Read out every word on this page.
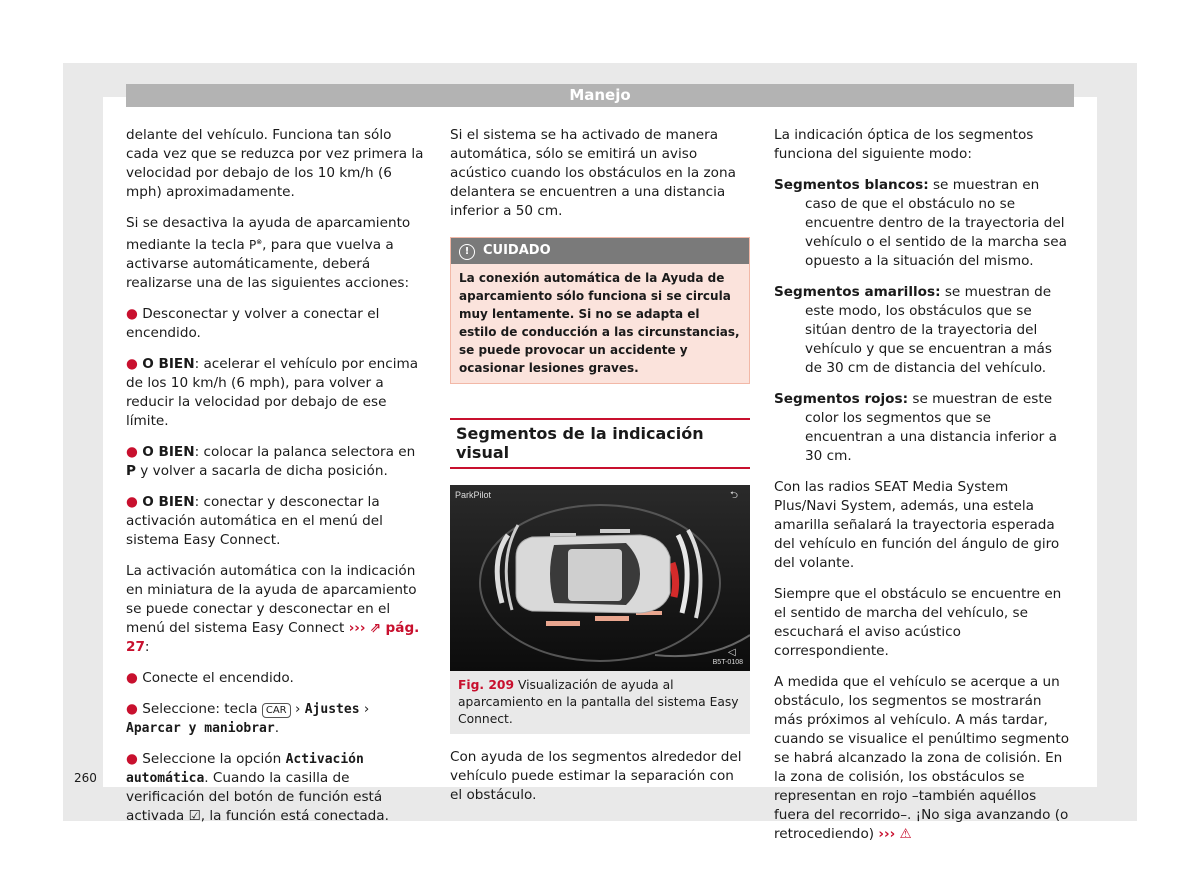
Manejo

delante del vehículo. Funciona tan sólo cada vez que se reduzca por vez primera la velocidad por debajo de los 10 km/h (6 mph) aproximadamente.

Si se desactiva la ayuda de aparcamiento mediante la tecla P⊗, para que vuelva a activarse automáticamente, deberá realizarse una de las siguientes acciones:

● Desconectar y volver a conectar el encendido.

● O BIEN: acelerar el vehículo por encima de los 10 km/h (6 mph), para volver a reducir la velocidad por debajo de ese límite.

● O BIEN: colocar la palanca selectora en P y volver a sacarla de dicha posición.

● O BIEN: conectar y desconectar la activación automática en el menú del sistema Easy Connect.

La activación automática con la indicación en miniatura de la ayuda de aparcamiento se puede conectar y desconectar en el menú del sistema Easy Connect ››› ⇗ pág. 27:

● Conecte el encendido.

● Seleccione: tecla CAR › Ajustes › Aparcar y maniobrar.

● Seleccione la opción Activación automática. Cuando la casilla de verificación del botón de función está activada ☑, la función está conectada.

Si el sistema se ha activado de manera automática, sólo se emitirá un aviso acústico cuando los obstáculos en la zona delantera se encuentren a una distancia inferior a 50 cm.

! CUIDADO
La conexión automática de la Ayuda de aparcamiento sólo funciona si se circula muy lentamente. Si no se adapta el estilo de conducción a las circunstancias, se puede provocar un accidente y ocasionar lesiones graves.
Segmentos de la indicación visual
ParkPilot	⮌
B5T-0108
◁
Fig. 209 Visualización de ayuda al aparcamiento en la pantalla del sistema Easy Connect.

Con ayuda de los segmentos alrededor del vehículo puede estimar la separación con el obstáculo.

La indicación óptica de los segmentos funciona del siguiente modo:

Segmentos blancos: se muestran en caso de que el obstáculo no se encuentre dentro de la trayectoria del vehículo o el sentido de la marcha sea opuesto a la situación del mismo.

Segmentos amarillos: se muestran de este modo, los obstáculos que se sitúan dentro de la trayectoria del vehículo y que se encuentran a más de 30 cm de distancia del vehículo.

Segmentos rojos: se muestran de este color los segmentos que se encuentran a una distancia inferior a 30 cm.

Con las radios SEAT Media System Plus/Navi System, además, una estela amarilla señalará la trayectoria esperada del vehículo en función del ángulo de giro del volante.

Siempre que el obstáculo se encuentre en el sentido de marcha del vehículo, se escuchará el aviso acústico correspondiente.

A medida que el vehículo se acerque a un obstáculo, los segmentos se mostrarán más próximos al vehículo. A más tardar, cuando se visualice el penúltimo segmento se habrá alcanzado la zona de colisión. En la zona de colisión, los obstáculos se representan en rojo –también aquéllos fuera del recorrido–. ¡No siga avanzando (o retrocediendo) ››› ⚠

260
